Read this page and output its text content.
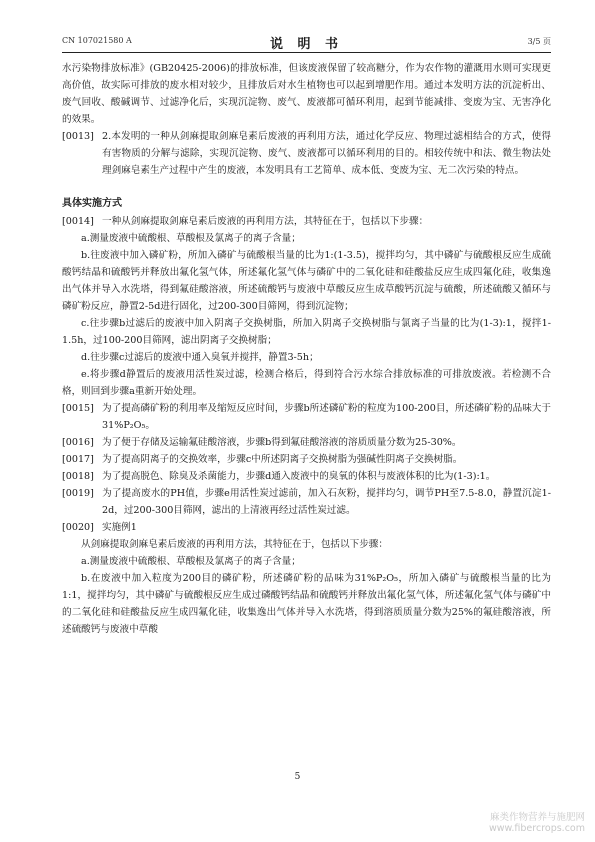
CN 107021580 A	说 明 书	3/5 页

水污染物排放标准》(GB20425-2006)的排放标准，但该废液保留了较高糖分，作为农作物的灌溉用水则可实现更高价值，故实际可排放的废水相对较少，且排放后对水生植物也可以起到增肥作用。通过本发明方法的沉淀析出、废气回收、酸碱调节、过滤净化后，实现沉淀物、废气、废液都可循环利用，起到节能减排、变废为宝、无害净化的效果。

[0013] 2.本发明的一种从剑麻提取剑麻皂素后废液的再利用方法，通过化学反应、物理过滤相结合的方式，使得有害物质的分解与滤除，实现沉淀物、废气、废液都可以循环利用的目的。相较传统中和法、微生物法处理剑麻皂素生产过程中产生的废液，本发明具有工艺简单、成本低、变废为宝、无二次污染的特点。

具体实施方式

[0014] 一种从剑麻提取剑麻皂素后废液的再利用方法，其特征在于，包括以下步骤：

a.测量废液中硫酸根、草酸根及氯离子的离子含量；

b.往废液中加入磷矿粉，所加入磷矿与硫酸根当量的比为1:(1-3.5)，搅拌均匀，其中磷矿与硫酸根反应生成硫酸钙结晶和硫酸钙并释放出氟化氢气体，所述氟化氢气体与磷矿中的二氧化硅和硅酸盐反应生成四氟化硅，收集逸出气体并导入水洗塔，得到氟硅酸溶液，所述硫酸钙与废液中草酸反应生成草酸钙沉淀与硫酸，所述硫酸又循环与磷矿粉反应，静置2-5d进行固化，过200-300目筛网，得到沉淀物；

c.往步骤b过滤后的废液中加入阴离子交换树脂，所加入阴离子交换树脂与氯离子当量的比为(1-3):1，搅拌1-1.5h，过100-200目筛网，滤出阴离子交换树脂；

d.往步骤c过滤后的废液中通入臭氧并搅拌，静置3-5h；

e.将步骤d静置后的废液用活性炭过滤，检测合格后，得到符合污水综合排放标准的可排放废液。若检测不合格，则回到步骤a重新开始处理。

[0015] 为了提高磷矿粉的利用率及缩短反应时间，步骤b所述磷矿粉的粒度为100-200目，所述磷矿粉的品味大于31%P₂O₅。

[0016] 为了便于存储及运输氟硅酸溶液，步骤b得到氟硅酸溶液的溶质质量分数为25-30%。

[0017] 为了提高阴离子的交换效率，步骤c中所述阴离子交换树脂为强碱性阴离子交换树脂。

[0018] 为了提高脱色、除臭及杀菌能力，步骤d通入废液中的臭氧的体积与废液体积的比为(1-3):1。

[0019] 为了提高废水的PH值，步骤e用活性炭过滤前，加入石灰粉，搅拌均匀，调节PH至7.5-8.0，静置沉淀1-2d，过200-300目筛网，滤出的上清液再经过活性炭过滤。

[0020] 实施例1

从剑麻提取剑麻皂素后废液的再利用方法，其特征在于，包括以下步骤：

a.测量废液中硫酸根、草酸根及氯离子的离子含量；

b.在废液中加入粒度为200目的磷矿粉，所述磷矿粉的品味为31%P₂O₅，所加入磷矿与硫酸根当量的比为1:1，搅拌均匀，其中磷矿与硫酸根反应生成过磷酸钙结晶和硫酸钙并释放出氟化氢气体，所述氟化氢气体与磷矿中的二氧化硅和硅酸盐反应生成四氟化硅，收集逸出气体并导入水洗塔，得到溶质质量分数为25%的氟硅酸溶液，所述硫酸钙与废液中草酸

5
麻类作物营养与施肥网
www.fibercrops.com
